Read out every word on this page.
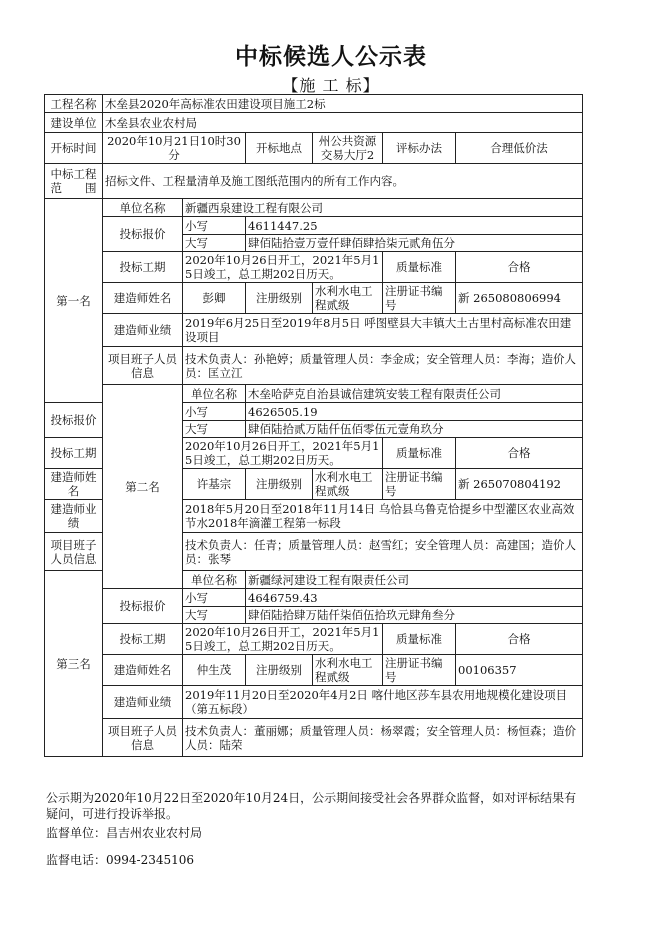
中标候选人公示表
【施 工 标】
工程名称	木垒县2020年高标准农田建设项目施工2标					
建设单位	木垒县农业农村局					
开标时间	2020年10月21日10时30分		开标地点	州公共资源交易大厅2	评标办法	合理低价法
中标工程范　　围	招标文件、工程量清单及施工图纸范围内的所有工作内容。					
第一名	单位名称	新疆西泉建设工程有限公司				
	投标报价	小写	4611447.25			
		大写	肆佰陆拾壹万壹仟肆佰肆拾柒元贰角伍分			
	投标工期	2020年10月26日开工，2021年5月15日竣工，总工期202日历天。			质量标准	合格
	建造师姓名	彭卿	注册级别	水利水电工程贰级	注册证书编号	新 265080806994
	建造师业绩	2019年6月25日至2019年8月5日 呼图壁县大丰镇大土古里村高标准农田建设项目				
	项目班子人员信息	技术负责人：孙艳婷；质量管理人员：李金成；安全管理人员：李海；造价人员：匡立江				
	第二名	单位名称	木垒哈萨克自治县诚信建筑安装工程有限责任公司			
投标报价		小写	4626505.19			
		大写	肆佰陆拾贰万陆仟伍佰零伍元壹角玖分			
投标工期		2020年10月26日开工，2021年5月15日竣工，总工期202日历天。			质量标准	合格
建造师姓名		许基宗	注册级别	水利水电工程贰级	注册证书编号	新 265070804192
建造师业绩		2018年5月20日至2018年11月14日 乌恰县乌鲁克恰提乡中型灌区农业高效节水2018年滴灌工程第一标段				
项目班子人员信息		技术负责人：任青；质量管理人员：赵雪红；安全管理人员：高建国；造价人员：张琴				
第三名		单位名称	新疆绿河建设工程有限责任公司			
	投标报价	小写	4646759.43			
		大写	肆佰陆拾肆万陆仟柒佰伍拾玖元肆角叁分			
	投标工期	2020年10月26日开工，2021年5月15日竣工，总工期202日历天。			质量标准	合格
	建造师姓名	仲生茂	注册级别	水利水电工程贰级	注册证书编号	00106357
	建造师业绩	2019年11月20日至2020年4月2日 喀什地区莎车县农用地规模化建设项目（第五标段）				
	项目班子人员信息	技术负责人：董丽娜；质量管理人员：杨翠霞；安全管理人员：杨恒森；造价人员：陆荣				
公示期为2020年10月22日至2020年10月24日，公示期间接受社会各界群众监督，如对评标结果有疑问，可进行投诉举报。
监督单位：昌吉州农业农村局
监督电话：0994-2345106
